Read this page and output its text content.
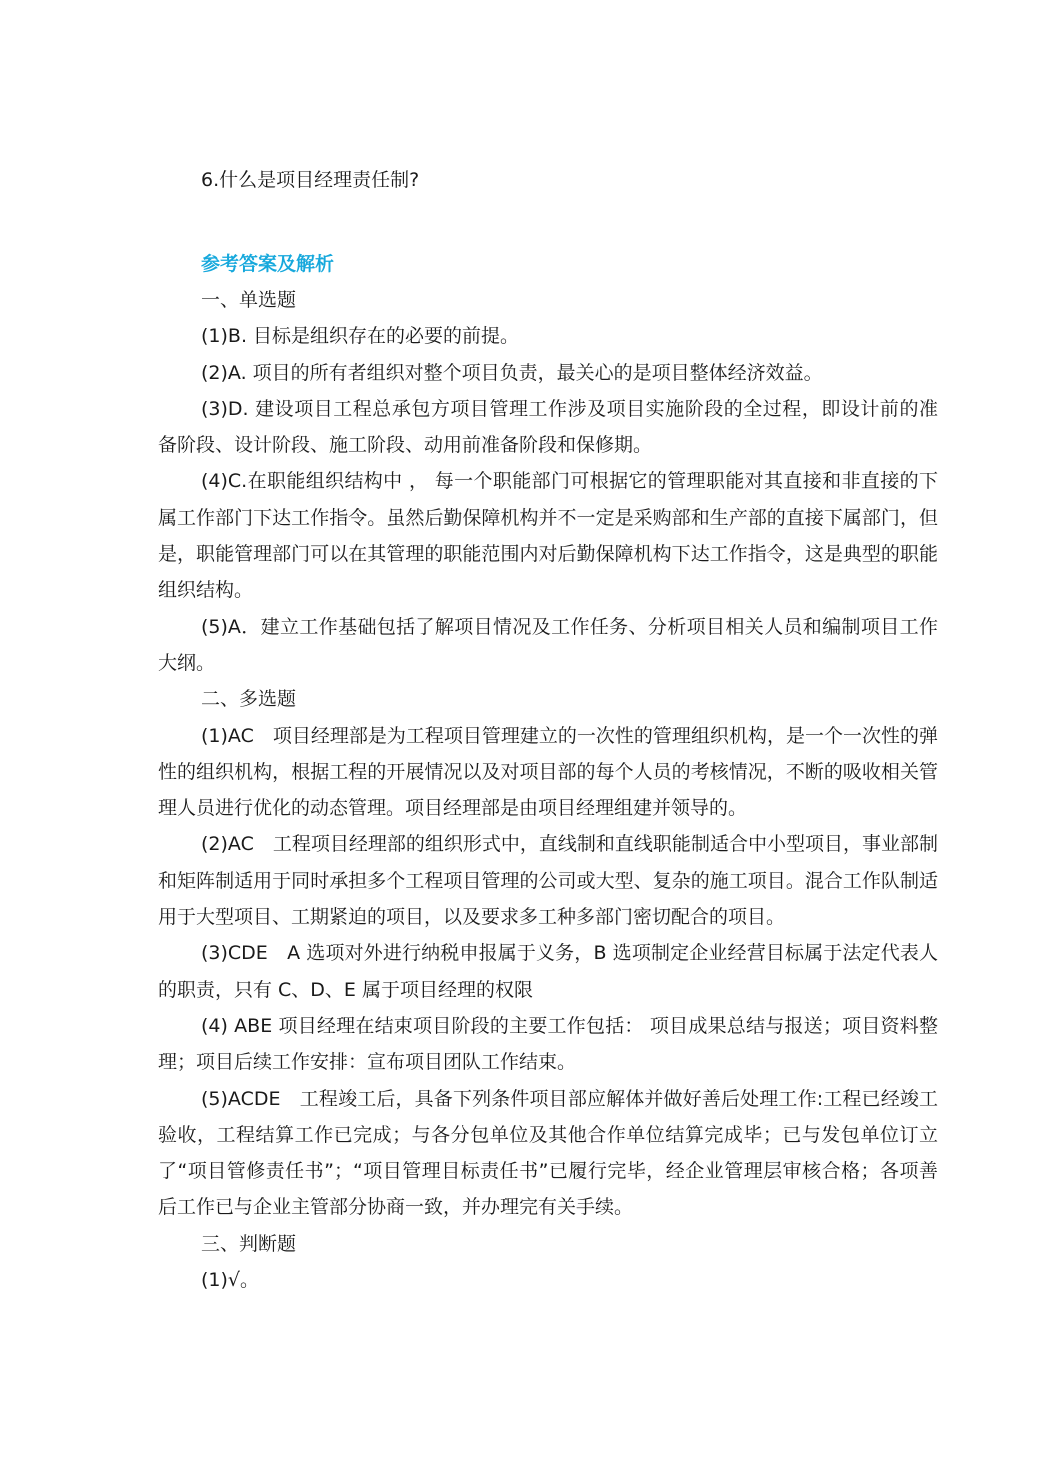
6.什么是项目经理责任制?

参考答案及解析

一、单选题

(1)B. 目标是组织存在的必要的前提。

(2)A. 项目的所有者组织对整个项目负责，最关心的是项目整体经济效益。

(3)D. 建设项目工程总承包方项目管理工作涉及项目实施阶段的全过程，即设计前的准备阶段、设计阶段、施工阶段、动用前准备阶段和保修期。

(4)C.在职能组织结构中 ， 每一个职能部门可根据它的管理职能对其直接和非直接的下属工作部门下达工作指令。虽然后勤保障机构并不一定是采购部和生产部的直接下属部门，但是，职能管理部门可以在其管理的职能范围内对后勤保障机构下达工作指令，这是典型的职能组织结构。

(5)A．建立工作基础包括了解项目情况及工作任务、分析项目相关人员和编制项目工作大纲。

二、多选题

(1)AC　项目经理部是为工程项目管理建立的一次性的管理组织机构，是一个一次性的弹性的组织机构，根据工程的开展情况以及对项目部的每个人员的考核情况，不断的吸收相关管理人员进行优化的动态管理。项目经理部是由项目经理组建并领导的。

(2)AC　工程项目经理部的组织形式中，直线制和直线职能制适合中小型项目，事业部制和矩阵制适用于同时承担多个工程项目管理的公司或大型、复杂的施工项目。混合工作队制适用于大型项目、工期紧迫的项目，以及要求多工种多部门密切配合的项目。

(3)CDE　A 选项对外进行纳税申报属于义务，B 选项制定企业经营目标属于法定代表人的职责，只有 C、D、E 属于项目经理的权限

(4) ABE 项目经理在结束项目阶段的主要工作包括： 项目成果总结与报送；项目资料整理；项目后续工作安排：宣布项目团队工作结束。

(5)ACDE　工程竣工后，具备下列条件项目部应解体并做好善后处理工作:工程已经竣工验收，工程结算工作已完成；与各分包单位及其他合作单位结算完成毕；已与发包单位订立了“项目管修责任书”；“项目管理目标责任书”已履行完毕，经企业管理层审核合格；各项善后工作已与企业主管部分协商一致，并办理完有关手续。

三、判断题

(1)√。
